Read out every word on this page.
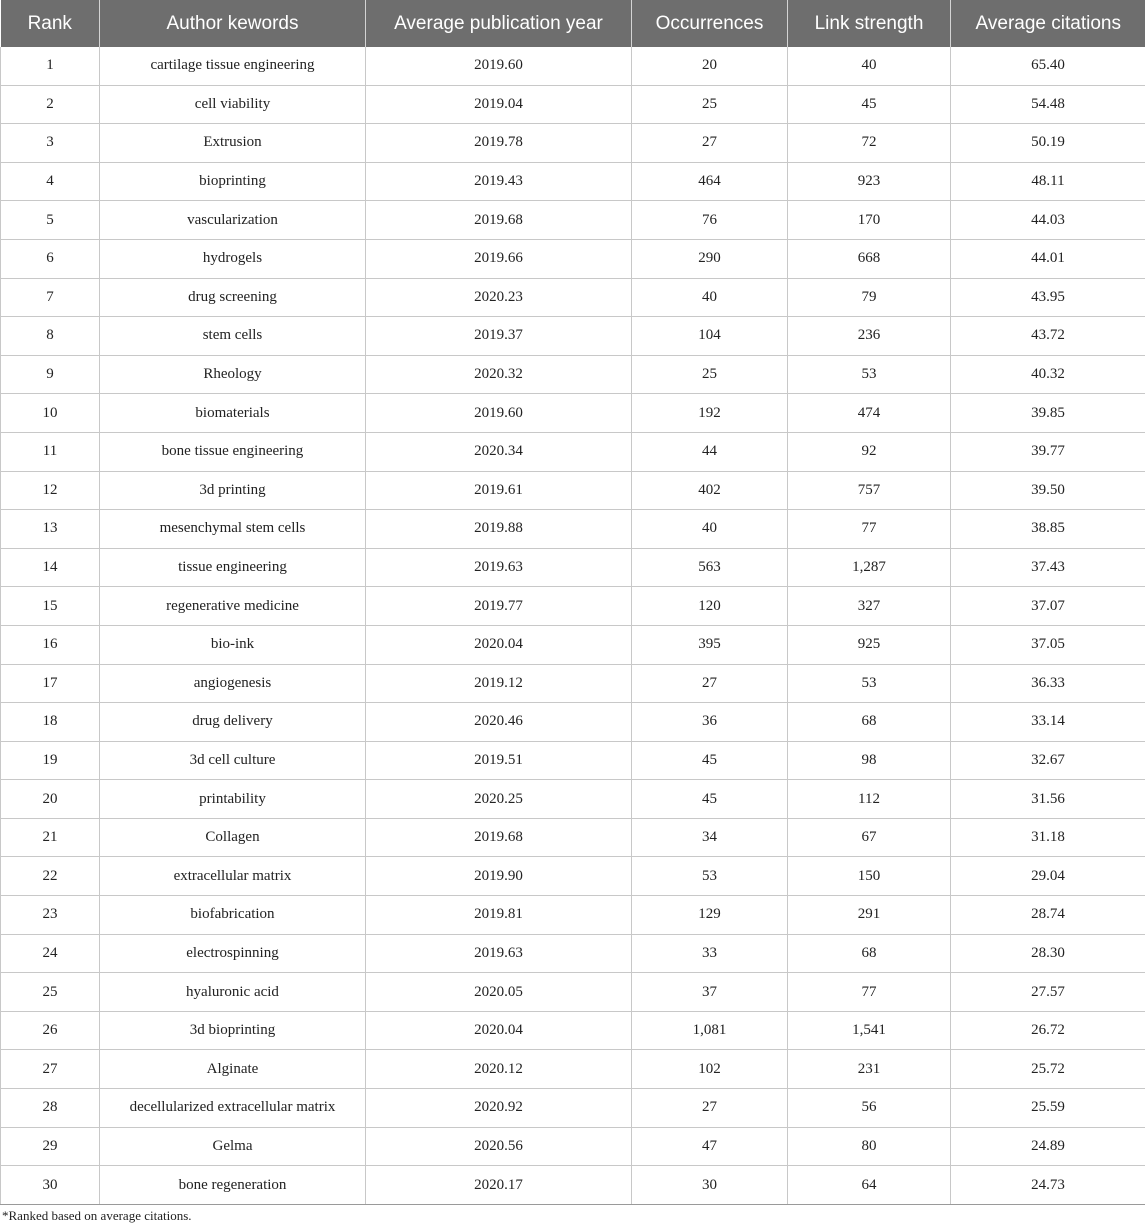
Rank	Author kewords	Average publication year	Occurrences	Link strength	Average citations
1	cartilage tissue engineering	2019.60	20	40	65.40
2	cell viability	2019.04	25	45	54.48
3	Extrusion	2019.78	27	72	50.19
4	bioprinting	2019.43	464	923	48.11
5	vascularization	2019.68	76	170	44.03
6	hydrogels	2019.66	290	668	44.01
7	drug screening	2020.23	40	79	43.95
8	stem cells	2019.37	104	236	43.72
9	Rheology	2020.32	25	53	40.32
10	biomaterials	2019.60	192	474	39.85
11	bone tissue engineering	2020.34	44	92	39.77
12	3d printing	2019.61	402	757	39.50
13	mesenchymal stem cells	2019.88	40	77	38.85
14	tissue engineering	2019.63	563	1,287	37.43
15	regenerative medicine	2019.77	120	327	37.07
16	bio-ink	2020.04	395	925	37.05
17	angiogenesis	2019.12	27	53	36.33
18	drug delivery	2020.46	36	68	33.14
19	3d cell culture	2019.51	45	98	32.67
20	printability	2020.25	45	112	31.56
21	Collagen	2019.68	34	67	31.18
22	extracellular matrix	2019.90	53	150	29.04
23	biofabrication	2019.81	129	291	28.74
24	electrospinning	2019.63	33	68	28.30
25	hyaluronic acid	2020.05	37	77	27.57
26	3d bioprinting	2020.04	1,081	1,541	26.72
27	Alginate	2020.12	102	231	25.72
28	decellularized extracellular matrix	2020.92	27	56	25.59
29	Gelma	2020.56	47	80	24.89
30	bone regeneration	2020.17	30	64	24.73
*Ranked based on average citations.
